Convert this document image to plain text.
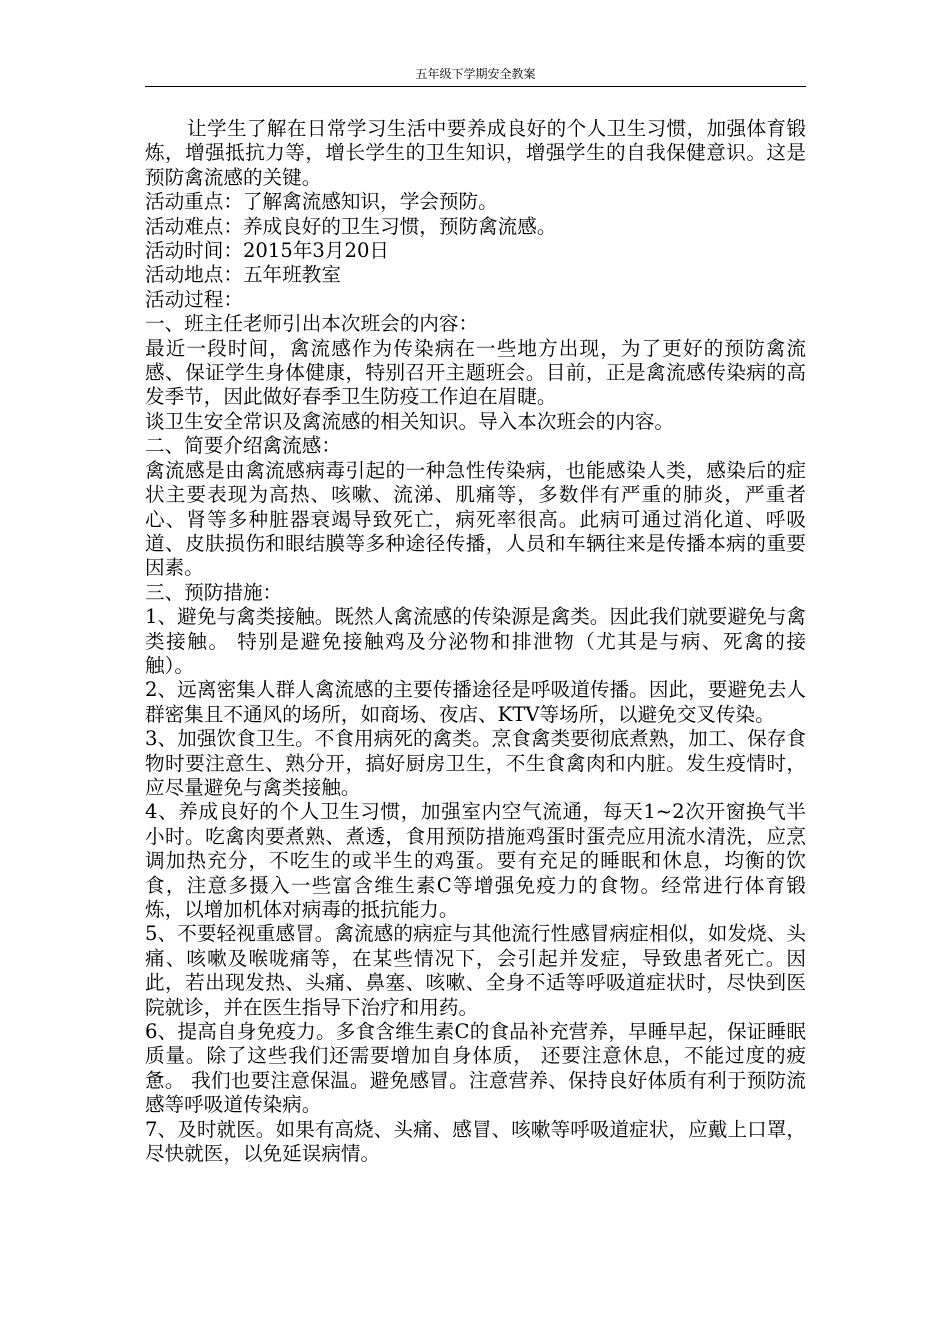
五年级下学期安全教案

让学生了解在日常学习生活中要养成良好的个人卫生习惯，加强体育锻炼，增强抵抗力等，增长学生的卫生知识，增强学生的自我保健意识。这是预防禽流感的关键。

活动重点：了解禽流感知识，学会预防。

活动难点：养成良好的卫生习惯，预防禽流感。

活动时间：2015年3月20日

活动地点：五年班教室

活动过程：

一、班主任老师引出本次班会的内容：

最近一段时间，禽流感作为传染病在一些地方出现，为了更好的预防禽流感、保证学生身体健康，特别召开主题班会。目前，正是禽流感传染病的高发季节，因此做好春季卫生防疫工作迫在眉睫。

谈卫生安全常识及禽流感的相关知识。导入本次班会的内容。

二、简要介绍禽流感：

禽流感是由禽流感病毒引起的一种急性传染病，也能感染人类，感染后的症状主要表现为高热、咳嗽、流涕、肌痛等，多数伴有严重的肺炎，严重者心、肾等多种脏器衰竭导致死亡，病死率很高。此病可通过消化道、呼吸道、皮肤损伤和眼结膜等多种途径传播，人员和车辆往来是传播本病的重要因素。

三、预防措施：

1、避免与禽类接触。既然人禽流感的传染源是禽类。因此我们就要避免与禽类接触。 特别是避免接触鸡及分泌物和排泄物（尤其是与病、死禽的接触）。

2、远离密集人群人禽流感的主要传播途径是呼吸道传播。因此，要避免去人群密集且不通风的场所，如商场、夜店、KTV等场所，以避免交叉传染。

3、加强饮食卫生。不食用病死的禽类。烹食禽类要彻底煮熟，加工、保存食物时要注意生、熟分开，搞好厨房卫生，不生食禽肉和内脏。发生疫情时，应尽量避免与禽类接触。

4、养成良好的个人卫生习惯，加强室内空气流通，每天1~2次开窗换气半小时。吃禽肉要煮熟、煮透，食用预防措施鸡蛋时蛋壳应用流水清洗，应烹调加热充分，不吃生的或半生的鸡蛋。要有充足的睡眠和休息，均衡的饮食，注意多摄入一些富含维生素C等增强免疫力的食物。经常进行体育锻炼，以增加机体对病毒的抵抗能力。

5、不要轻视重感冒。禽流感的病症与其他流行性感冒病症相似，如发烧、头痛、咳嗽及喉咙痛等，在某些情况下，会引起并发症，导致患者死亡。因此，若出现发热、头痛、鼻塞、咳嗽、全身不适等呼吸道症状时，尽快到医院就诊，并在医生指导下治疗和用药。

6、提高自身免疫力。多食含维生素C的食品补充营养，早睡早起，保证睡眠质量。除了这些我们还需要增加自身体质， 还要注意休息，不能过度的疲惫。 我们也要注意保温。避免感冒。注意营养、保持良好体质有利于预防流感等呼吸道传染病。

7、及时就医。如果有高烧、头痛、感冒、咳嗽等呼吸道症状，应戴上口罩，尽快就医，以免延误病情。
